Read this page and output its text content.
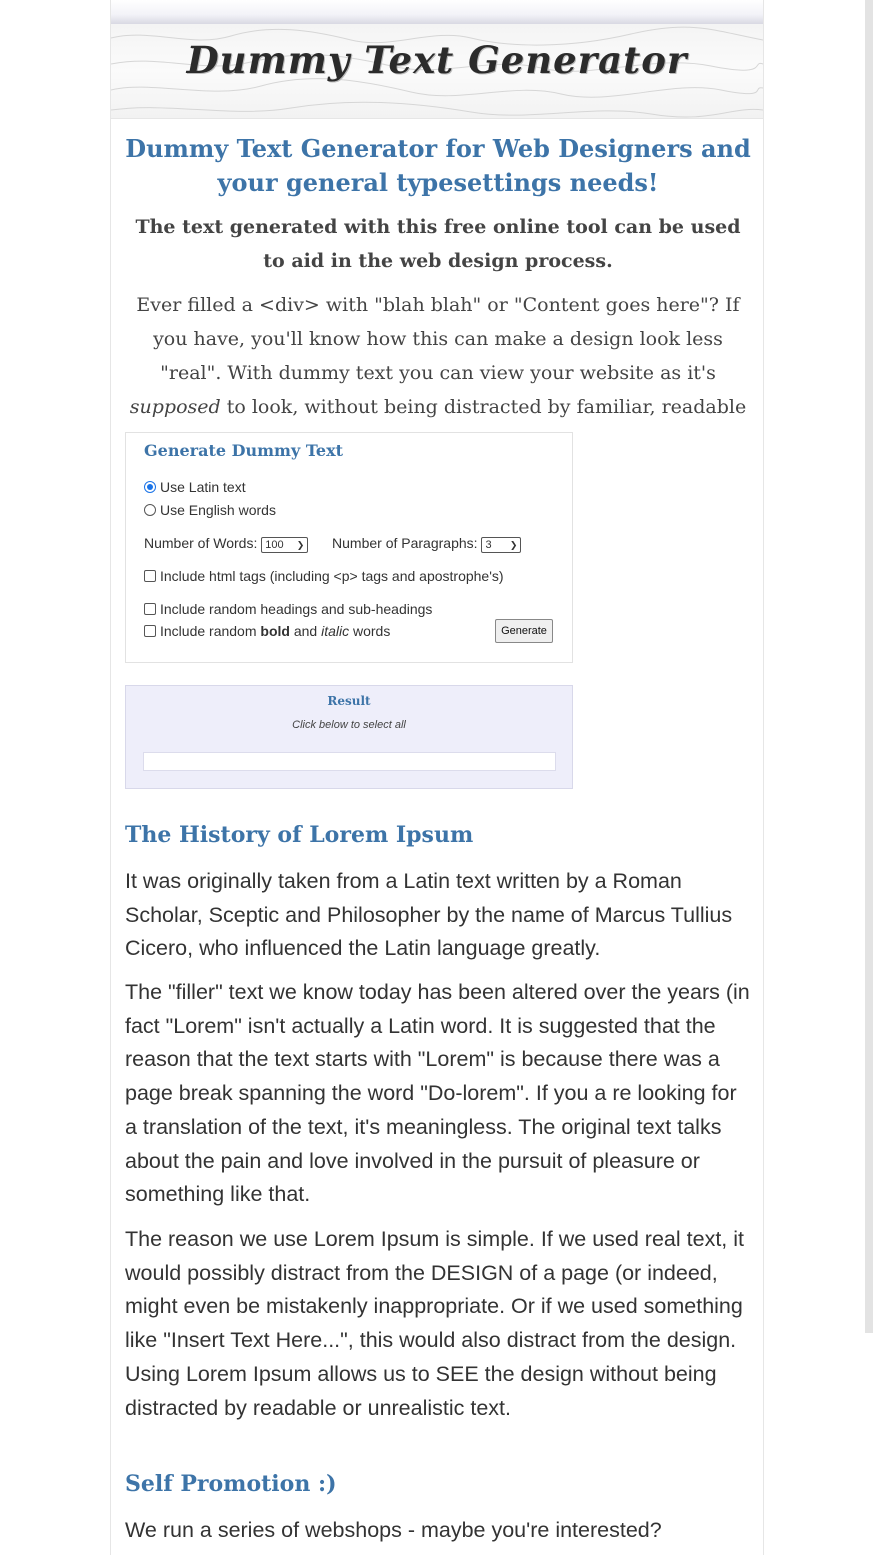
Dummy Text Generator
Dummy Text Generator for Web Designers and your general typesettings needs!
The text generated with this free online tool can be used to aid in the web design process.

Ever filled a <div> with "blah blah" or "Content goes here"? If you have, you'll know how this can make a design look less "real". With dummy text you can view your website as it's supposed to look, without being distracted by familiar, readable

Generate Dummy Text
Use Latin text
Use English words
Number of Words: 100 ❯ Number of Paragraphs: 3 ❯
Include html tags (including <p> tags and apostrophe's)
Include random headings and sub-headings
Include random bold and italic words	Generate
Result
Click below to select all
The History of Lorem Ipsum

It was originally taken from a Latin text written by a Roman Scholar, Sceptic and Philosopher by the name of Marcus Tullius Cicero, who influenced the Latin language greatly.

The "filler" text we know today has been altered over the years (in fact "Lorem" isn't actually a Latin word. It is suggested that the reason that the text starts with "Lorem" is because there was a page break spanning the word "Do-lorem". If you a re looking for a translation of the text, it's meaningless. The original text talks about the pain and love involved in the pursuit of pleasure or something like that.

The reason we use Lorem Ipsum is simple. If we used real text, it would possibly distract from the DESIGN of a page (or indeed, might even be mistakenly inappropriate. Or if we used something like "Insert Text Here...", this would also distract from the design. Using Lorem Ipsum allows us to SEE the design without being distracted by readable or unrealistic text.

Self Promotion :)

We run a series of webshops - maybe you're interested?
